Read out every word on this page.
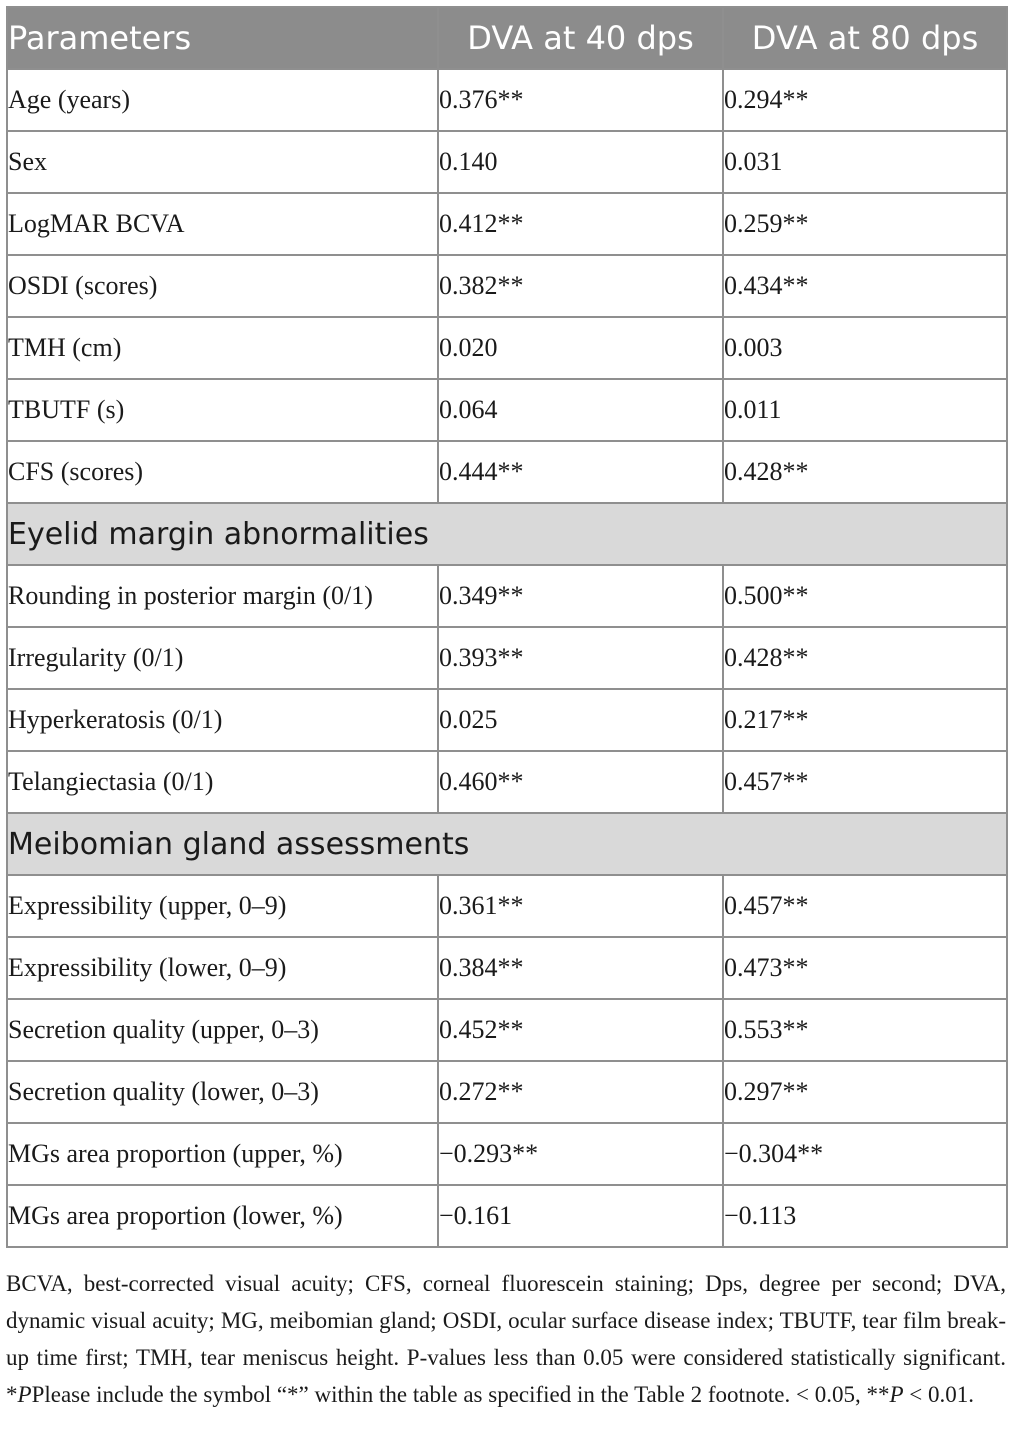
Parameters	DVA at 40 dps	DVA at 80 dps
Age (years)	0.376**	0.294**
Sex	0.140	0.031
LogMAR BCVA	0.412**	0.259**
OSDI (scores)	0.382**	0.434**
TMH (cm)	0.020	0.003
TBUTF (s)	0.064	0.011
CFS (scores)	0.444**	0.428**
Eyelid margin abnormalities		
Rounding in posterior margin (0/1)	0.349**	0.500**
Irregularity (0/1)	0.393**	0.428**
Hyperkeratosis (0/1)	0.025	0.217**
Telangiectasia (0/1)	0.460**	0.457**
Meibomian gland assessments		
Expressibility (upper, 0–9)	0.361**	0.457**
Expressibility (lower, 0–9)	0.384**	0.473**
Secretion quality (upper, 0–3)	0.452**	0.553**
Secretion quality (lower, 0–3)	0.272**	0.297**
MGs area proportion (upper, %)	−0.293**	−0.304**
MGs area proportion (lower, %)	−0.161	−0.113
BCVA, best-corrected visual acuity; CFS, corneal fluorescein staining; Dps, degree per second; DVA, dynamic visual acuity; MG, meibomian gland; OSDI, ocular surface disease index; TBUTF, tear film break-up time first; TMH, tear meniscus height. P-values less than 0.05 were considered statistically significant. *PPlease include the symbol “*” within the table as specified in the Table 2 footnote. < 0.05, **P < 0.01.
